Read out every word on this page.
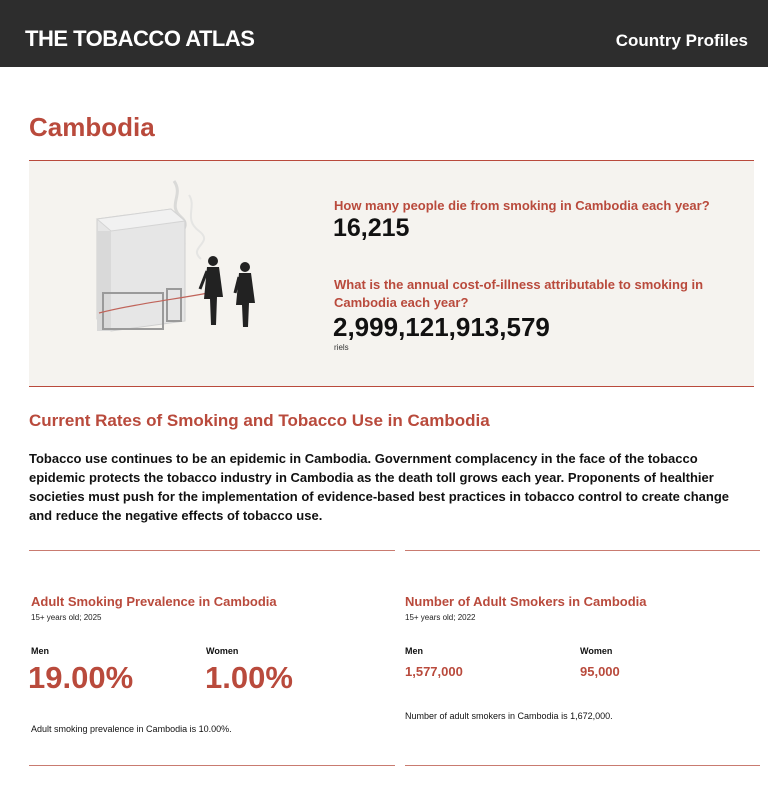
THE TOBACCO ATLAS	Country Profiles
Cambodia
How many people die from smoking in Cambodia each year?
16,215
What is the annual cost-of-illness attributable to smoking in Cambodia each year?
2,999,121,913,579
riels
Current Rates of Smoking and Tobacco Use in Cambodia

Tobacco use continues to be an epidemic in Cambodia. Government complacency in the face of the tobacco epidemic protects the tobacco industry in Cambodia as the death toll grows each year. Proponents of healthier societies must push for the implementation of evidence-based best practices in tobacco control to create change and reduce the negative effects of tobacco use.

Adult Smoking Prevalence in Cambodia
15+ years old; 2025
Men
19.00%
Women
1.00%
Adult smoking prevalence in Cambodia is 10.00%.
Number of Adult Smokers in Cambodia
15+ years old; 2022
Men
1,577,000
Women
95,000
Number of adult smokers in Cambodia is 1,672,000.
